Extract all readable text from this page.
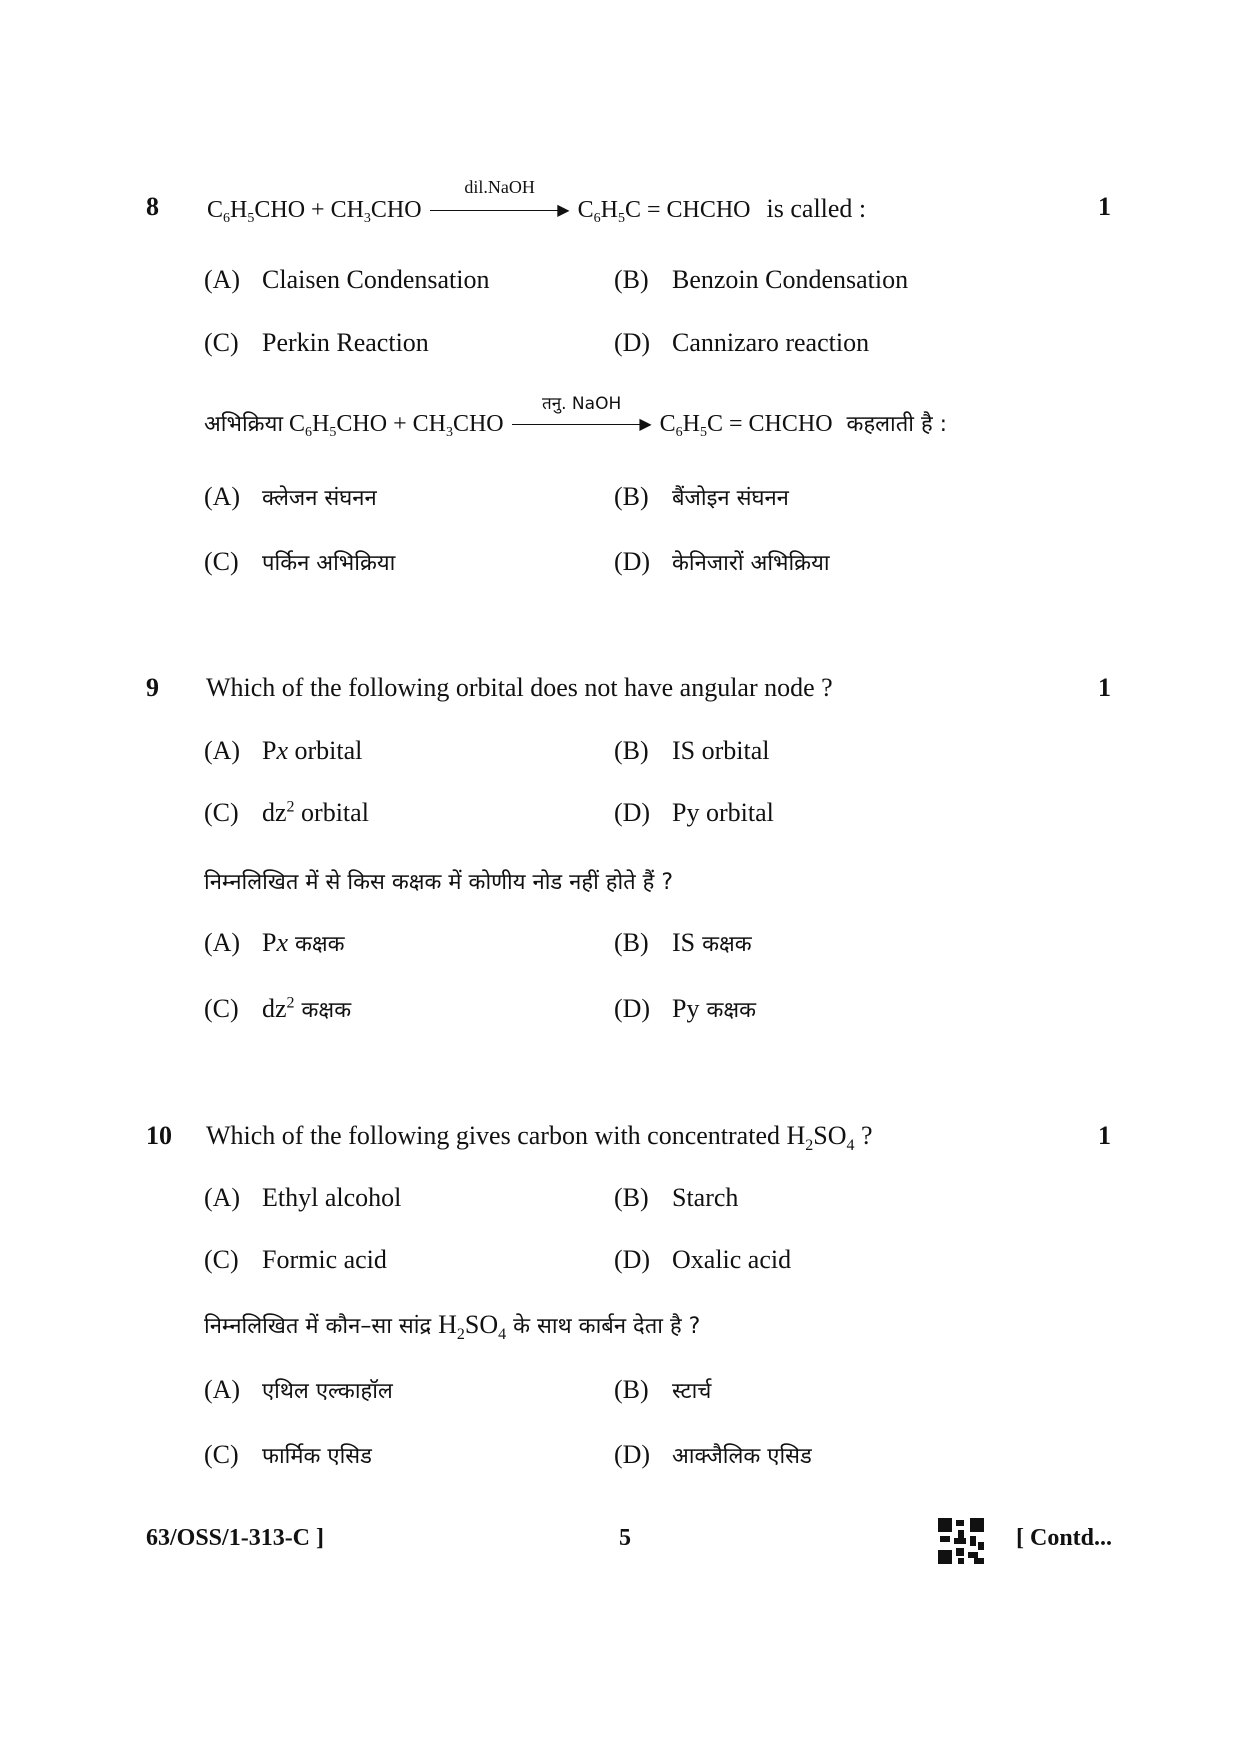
8 $C_6H_5CHO + CH_3CHO$
dil.NaOH
▶ $C_6H_5C$ = CHCHO is called :	1
(A) Claisen Condensation	(B) Benzoin Condensation
(C) Perkin Reaction	(D) Cannizaro reaction
अभिक्रिया $C_6H_5CHO + CH_3CHO$
तनु. NaOH
▶ $C_6H_5C$ = CHCHO कहलाती है :
(A) क्लेजन संघनन	(B) बैंजोइन संघनन
(C) पर्किन अभिक्रिया	(D) केनिजारों अभिक्रिया
9 Which of the following orbital does not have angular node ?	1
(A) Px orbital	(B) IS orbital
(C) $dz^2$ orbital	(D) Py orbital
निम्नलिखित में से किस कक्षक में कोणीय नोड नहीं होते हैं ?
(A) Px कक्षक	(B) IS कक्षक
(C) $dz^2$ कक्षक	(D) Py कक्षक
10 Which of the following gives carbon with concentrated $H_2SO_4$ ?	1
(A) Ethyl alcohol	(B) Starch
(C) Formic acid	(D) Oxalic acid
निम्नलिखित में कौन–सा सांद्र $H_2SO_4$ के साथ कार्बन देता है ?
(A) एथिल एल्काहॉल	(B) स्टार्च
(C) फार्मिक एसिड	(D) आक्जैलिक एसिड
63/OSS/1-313-C ]	5	[ Contd...
